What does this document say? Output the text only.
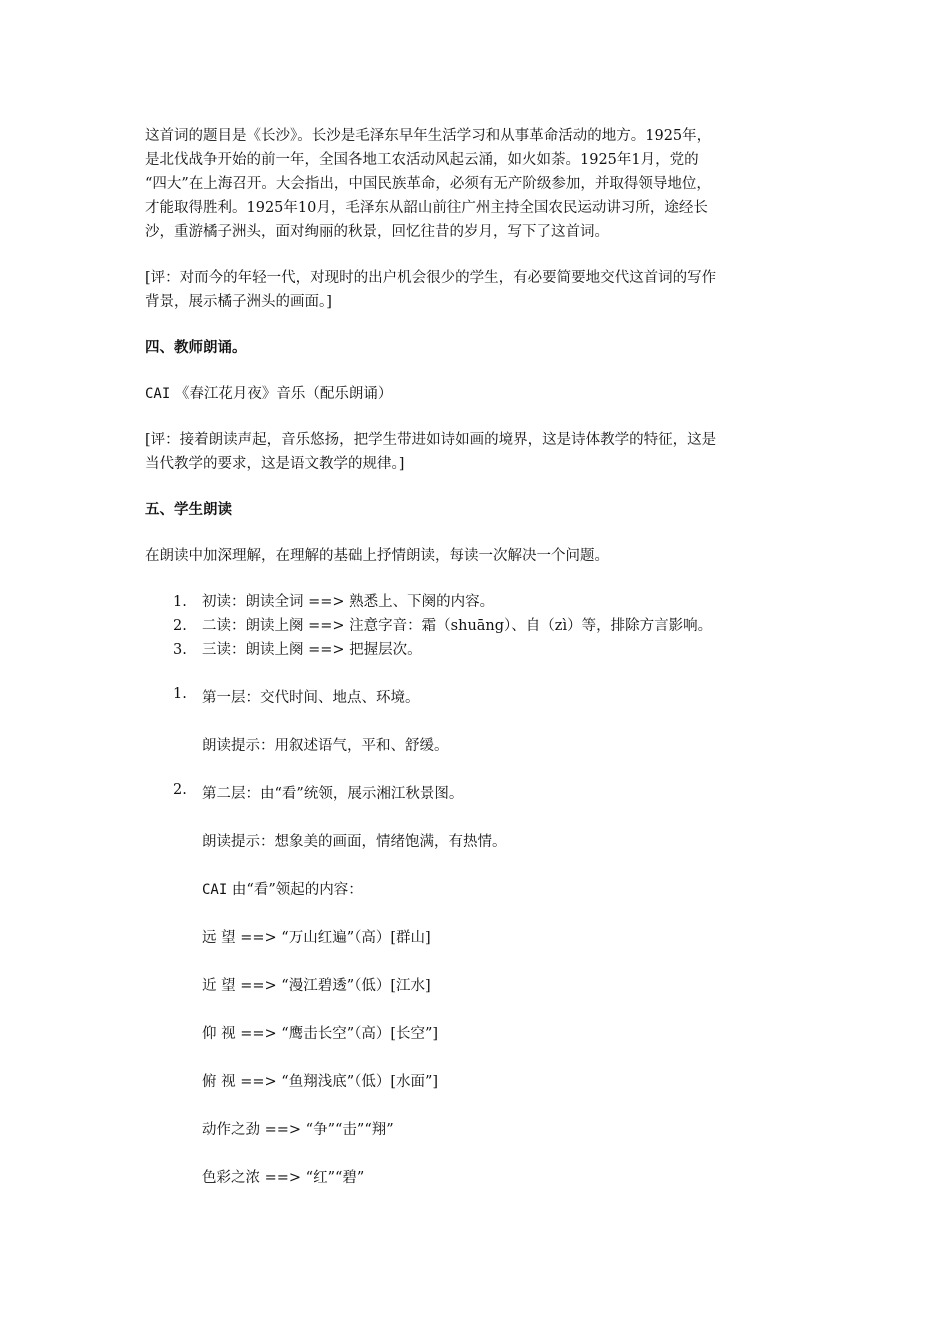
这首词的题目是《长沙》。长沙是毛泽东早年生活学习和从事革命活动的地方。1925年，

是北伐战争开始的前一年，全国各地工农活动风起云涌，如火如荼。1925年1月，党的

“四大”在上海召开。大会指出，中国民族革命，必须有无产阶级参加，并取得领导地位，

才能取得胜利。1925年10月，毛泽东从韶山前往广州主持全国农民运动讲习所，途经长

沙，重游橘子洲头，面对绚丽的秋景，回忆往昔的岁月，写下了这首词。

[评：对而今的年轻一代，对现时的出户机会很少的学生，有必要简要地交代这首词的写作

背景，展示橘子洲头的画面。]

四、教师朗诵。

CAI 《春江花月夜》音乐（配乐朗诵）

[评：接着朗读声起，音乐悠扬，把学生带进如诗如画的境界，这是诗体教学的特征，这是

当代教学的要求，这是语文教学的规律。]

五、学生朗读

在朗读中加深理解，在理解的基础上抒情朗读，每读一次解决一个问题。

1. 初读：朗读全词 ==> 熟悉上、下阕的内容。
2. 二读：朗读上阕 ==> 注意字音：霜（shuāng）、自（zì）等，排除方言影响。
3. 三读：朗读上阕 ==> 把握层次。
1. 第一层：交代时间、地点、环境。

朗读提示：用叙述语气，平和、舒缓。

2. 第二层：由“看”统领，展示湘江秋景图。

朗读提示：想象美的画面，情绪饱满，有热情。

CAI 由“看”领起的内容：

远 望 ==> “万山红遍”（高）[群山]

近 望 ==> “漫江碧透”（低）[江水]

仰 视 ==> “鹰击长空”（高）[长空”]

俯 视 ==> “鱼翔浅底”（低）[水面”]

动作之劲 ==> “争”“击”“翔”

色彩之浓 ==> “红”“碧”
